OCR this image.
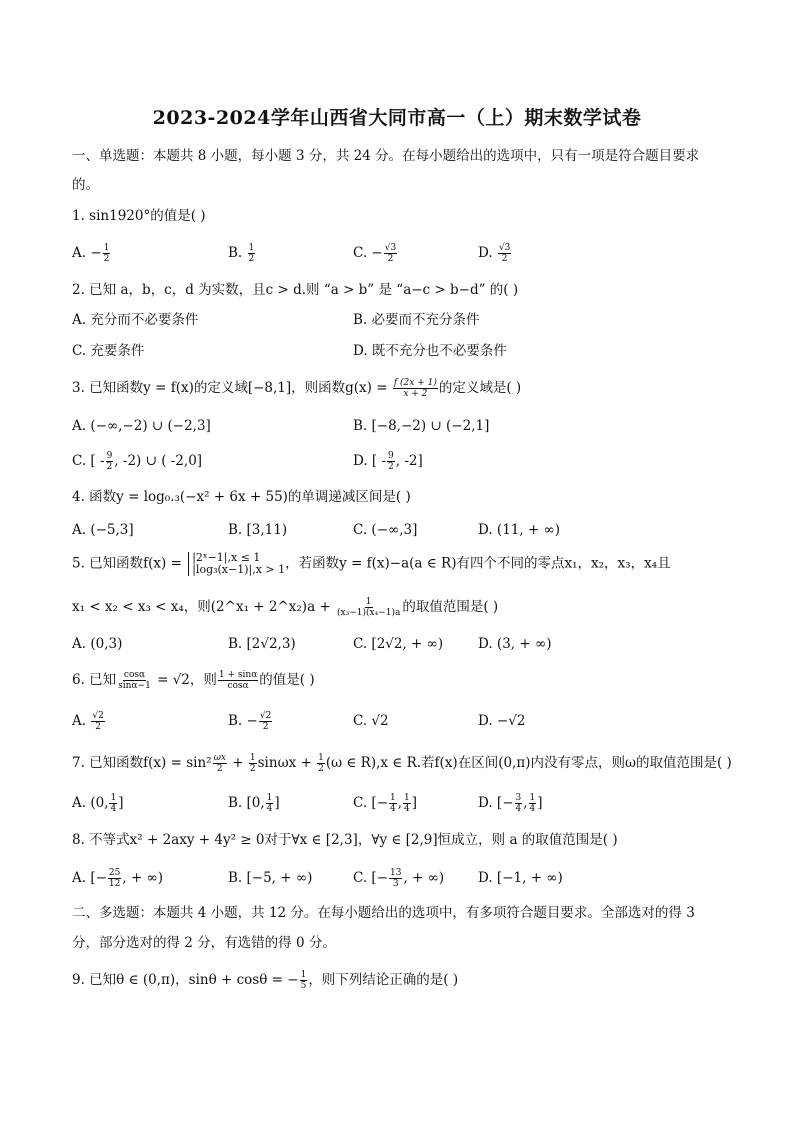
2023-2024学年山西省大同市高一（上）期末数学试卷
一、单选题：本题共 8 小题，每小题 3 分，共 24 分。在每小题给出的选项中，只有一项是符合题目要求
的。
1. sin1920°的值是( )
A. − $\frac{1}{2}$	B. $\frac{1}{2}$	C. − $\frac{√3}{2}$	D. $\frac{√3}{2}$
2. 已知 a，b，c，d 为实数，且c > d.则 “a > b” 是 “a−c > b−d” 的( )
A. 充分而不必要条件	B. 必要而不充分条件
C. 充要条件	D. 既不充分也不必要条件
3. 已知函数y = f(x)的定义域[−8,1]，则函数$g(x) = \frac{f (2x + 1)}{x + 2}$ 的定义域是( )
A. (−∞,−2) ∪ (−2,3]	B. [−8,−2) ∪ (−2,1]
C. [ - $\frac{9}{2}$ , -2) ∪ ( -2,0]	D. [ - $\frac{9}{2}$ , -2]
4. 函数y = log₀.₃(−x² + 6x + 55)的单调递减区间是( )
A. (−5,3]	B. [3,11)	C. (−∞,3]	D. (11, + ∞)
5. 已知函数f(x) = |2ˣ−1|,x ≤ 1
|log₃(x−1)|,x > 1 ，若函数y = f(x)−a(a ∈ R)有四个不同的零点x₁，x₂，x₃，x₄且
x₁ < x₂ < x₃ < x₄，则(2^x₁ + 2^x₂)a + $\frac{1}{\text{(x₃−1)(x₄−1)a}}$ 的取值范围是( )
A. (0,3)	B. [2√2,3)	C. [2√2, + ∞)	D. (3, + ∞)
6. 已知 $\frac{\cos\alpha}{\sin\alpha-1} = √2$，则 $\frac{1 + \sin\alpha}{\cos\alpha}$ 的值是( )
A. $\frac{√2}{2}$	B. − $\frac{√2}{2}$	C. √2	D. −√2
7. 已知函数$f(x) = \sin^2 \frac{\omega x}{2} + \frac{1}{2}$ $\sin\omega x + \frac{1}{2} (\omega$ ∈ R),x ∈ R.若f(x)在区间(0,π)内没有零点，则ω的取值范围是( )
A. (0, $\frac{1}{4}$ ]	B. [0, $\frac{1}{4}$ ]	C. [− $\frac{1}{4}$ , $\frac{1}{4}$ ]	D. [− $\frac{3}{4}$ , $\frac{1}{4}$ ]
8. 不等式x² + 2axy + 4y² ≥ 0对于∀x ∈ [2,3]，∀y ∈ [2,9]恒成立，则 a 的取值范围是( )
A. [− $\frac{25}{12}$ , + ∞)	B. [−5, + ∞)	C. [− $\frac{13}{3}$ , + ∞)	D. [−1, + ∞)
二、多选题：本题共 4 小题，共 12 分。在每小题给出的选项中，有多项符合题目要求。全部选对的得 3
分，部分选对的得 2 分，有选错的得 0 分。
9. 已知θ ∈ (0,π)，sinθ + cosθ = − $\frac{1}{5}$ ，则下列结论正确的是( )
